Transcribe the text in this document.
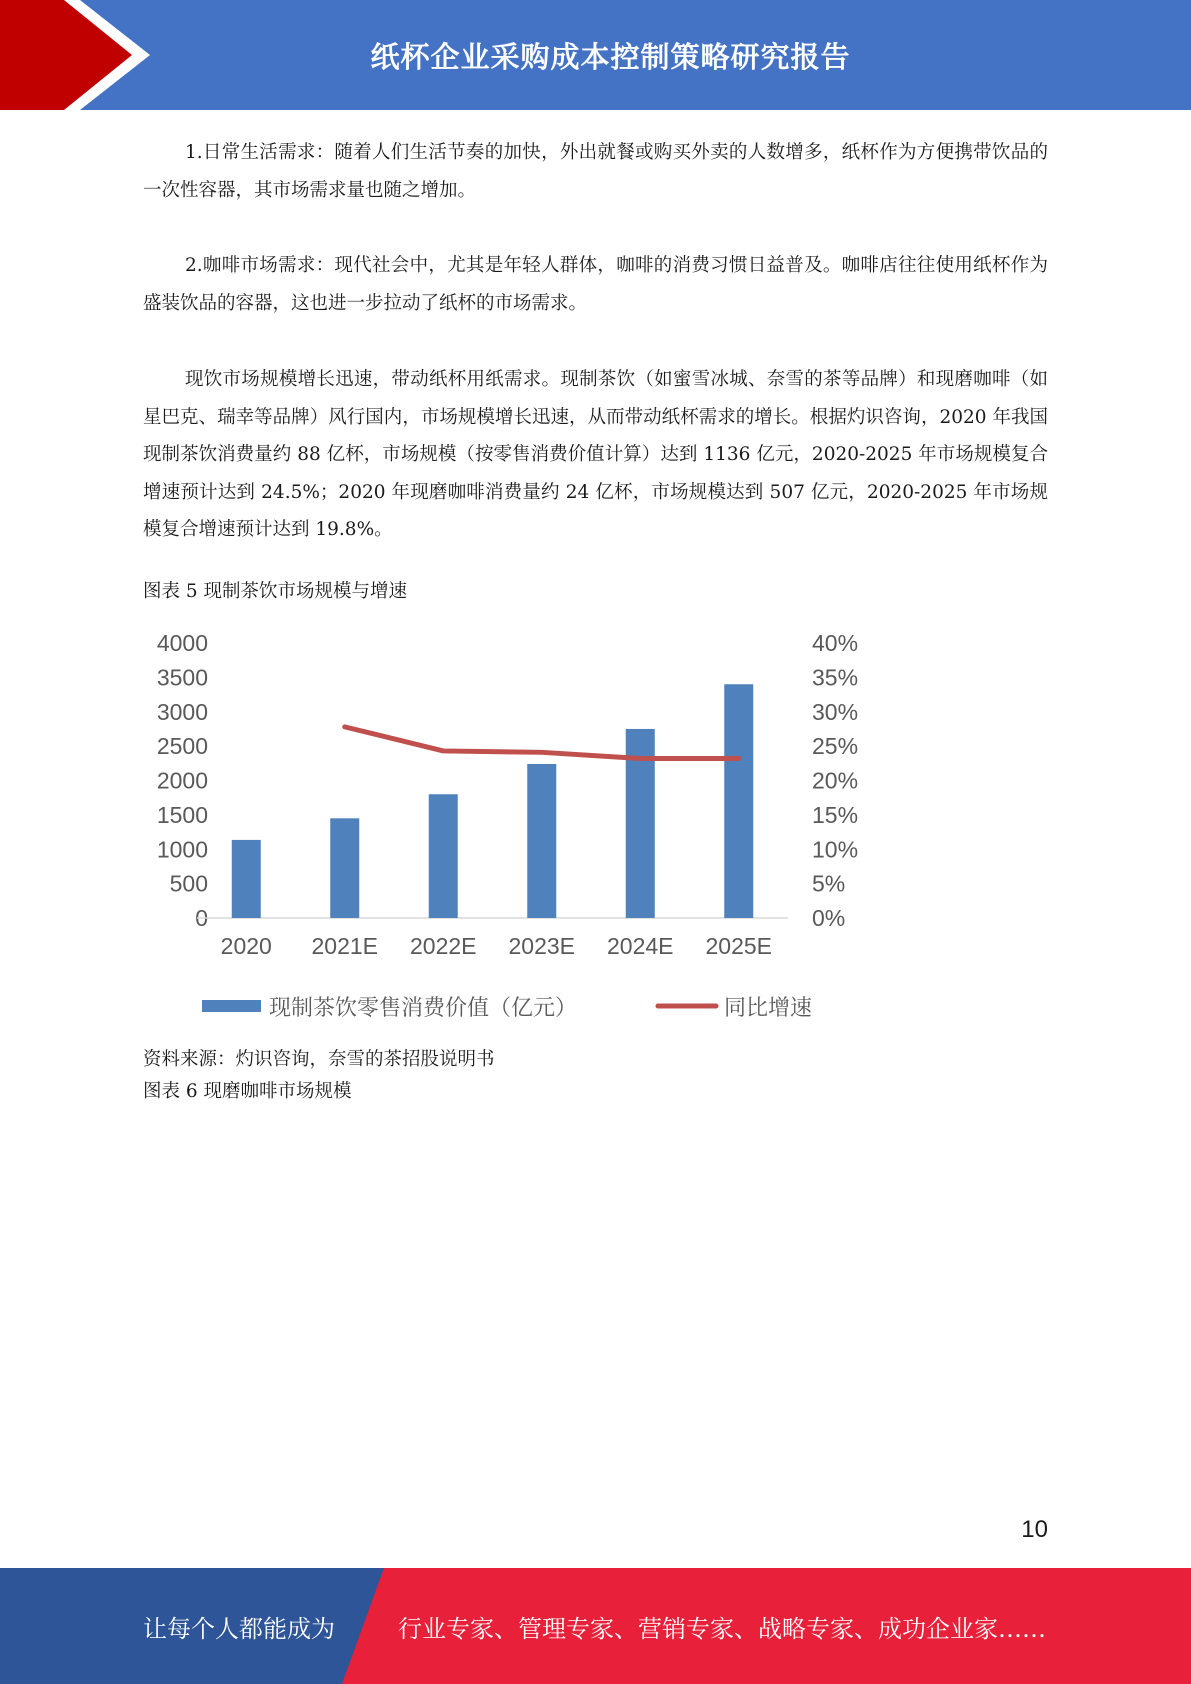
纸杯企业采购成本控制策略研究报告

1.日常生活需求：随着人们生活节奏的加快，外出就餐或购买外卖的人数增多，纸杯作为方便携带饮品的一次性容器，其市场需求量也随之增加。

2.咖啡市场需求：现代社会中，尤其是年轻人群体，咖啡的消费习惯日益普及。咖啡店往往使用纸杯作为盛装饮品的容器，这也进一步拉动了纸杯的市场需求。

现饮市场规模增长迅速，带动纸杯用纸需求。现制茶饮（如蜜雪冰城、奈雪的茶等品牌）和现磨咖啡（如星巴克、瑞幸等品牌）风行国内，市场规模增长迅速，从而带动纸杯需求的增长。根据灼识咨询，2020 年我国现制茶饮消费量约 88 亿杯，市场规模（按零售消费价值计算）达到 1136 亿元，2020-2025 年市场规模复合增速预计达到 24.5%；2020 年现磨咖啡消费量约 24 亿杯，市场规模达到 507 亿元，2020-2025 年市场规模复合增速预计达到 19.8%。

图表 5 现制茶饮市场规模与增速

0
500
1000
1500
2000
2500
3000
3500
4000
0%
5%
10%
15%
20%
25%
30%
35%
40%
2020 2021E 2022E 2023E 2024E 2025E
现制茶饮零售消费价值（亿元）	同比增速

资料来源：灼识咨询，奈雪的茶招股说明书

图表 6 现磨咖啡市场规模

10
让每个人都能成为	行业专家、管理专家、营销专家、战略专家、成功企业家……
